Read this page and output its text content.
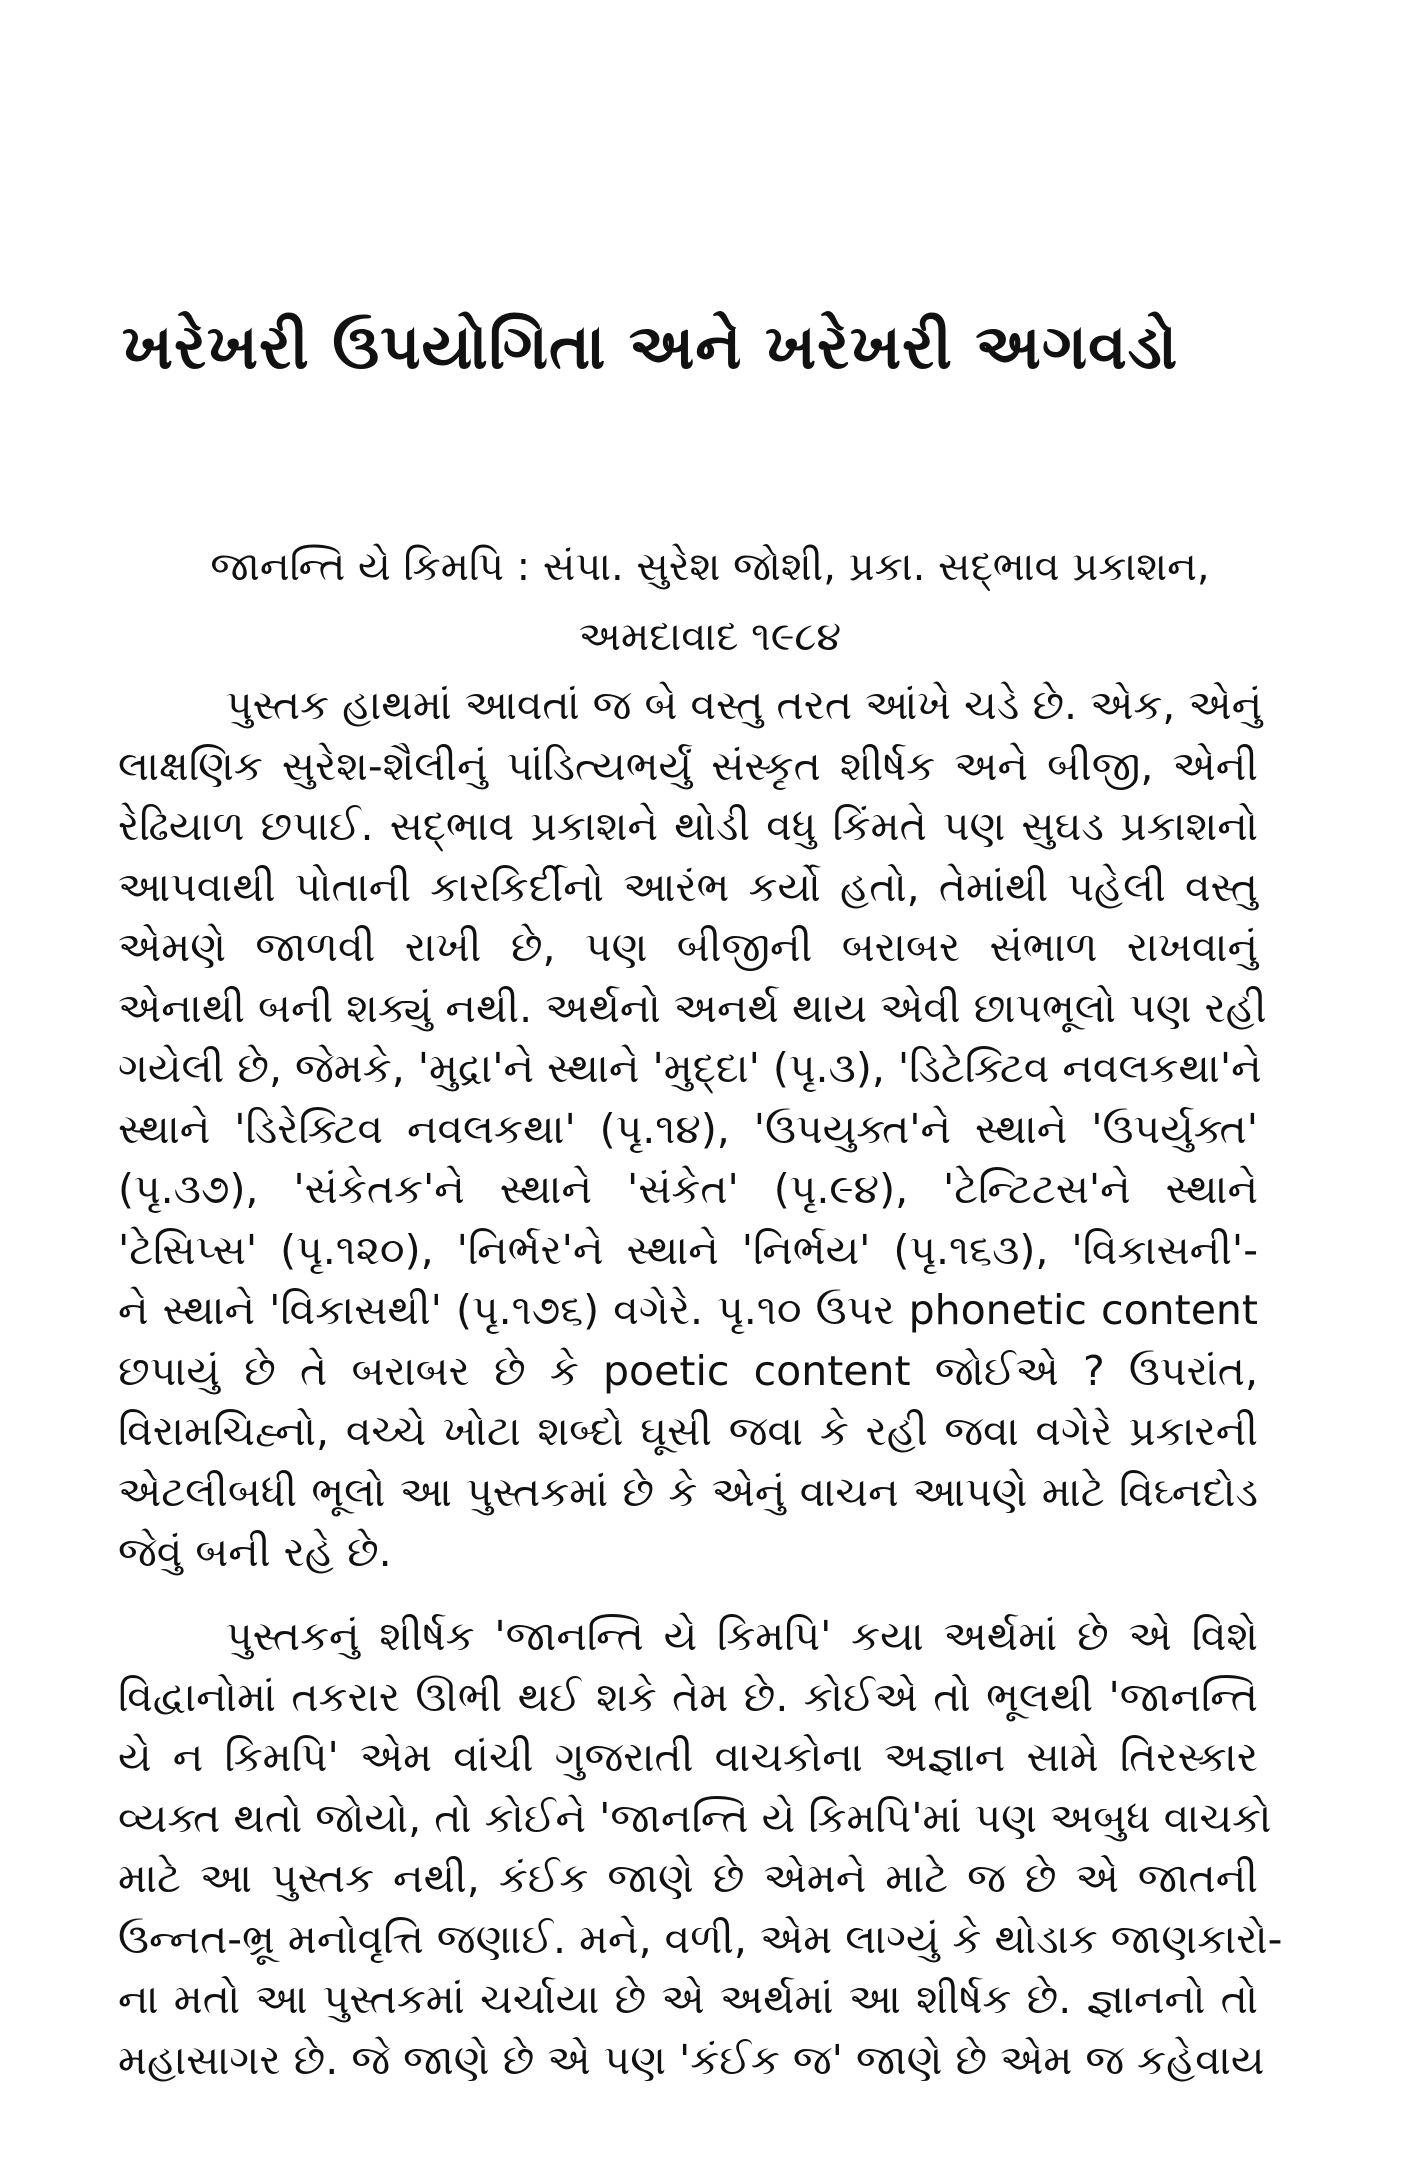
ખરેખરી ઉપયોગિતા અને ખરેખરી અગવડો
જાનન્તિ યે કિમપિ : સંપા. સુરેશ જોશી, પ્રકા. સદ્‌ભાવ પ્રકાશન,
અમદાવાદ ૧૯૮૪
પુસ્તક હાથમાં આવતાં જ બે વસ્તુ તરત આંખે ચડે છે. એક, એનું
લાક્ષણિક સુરેશ-શૈલીનું પાંડિત્યભર્યું સંસ્કૃત શીર્ષક અને બીજી, એની
રેઢિયાળ છપાઈ. સદ્‌ભાવ પ્રકાશને થોડી વધુ કિંમતે પણ સુઘડ પ્રકાશનો
આપવાથી પોતાની કારકિર્દીનો આરંભ કર્યો હતો, તેમાંથી પહેલી વસ્તુ
એમણે જાળવી રાખી છે, પણ બીજીની બરાબર સંભાળ રાખવાનું
એનાથી બની શક્યું નથી. અર્થનો અનર્થ થાય એવી છાપભૂલો પણ રહી
ગયેલી છે, જેમકે, 'મુદ્રા'ને સ્થાને 'મુદ્દા' (પૃ.૩), 'ડિટેક્ટિવ નવલકથા'ને
સ્થાને 'ડિરેક્ટિવ નવલકથા' (પૃ.૧૪), 'ઉપયુક્ત'ને સ્થાને 'ઉપર્યુક્ત'
(પૃ.૩૭), 'સંકેતક'ને સ્થાને 'સંકેત' (પૃ.૯૪), 'ટેન્ટિટસ'ને સ્થાને
'ટેસિપ્સ' (પૃ.૧૨૦), 'નિર્ભર'ને સ્થાને 'નિર્ભય' (પૃ.૧૬૩), 'વિકાસની'-
ને સ્થાને 'વિકાસથી' (પૃ.૧૭૬) વગેરે. પૃ.૧૦ ઉપર phonetic content
છપાયું છે તે બરાબર છે કે poetic content જોઈએ ? ઉપરાંત,
વિરામચિહ્નો, વચ્ચે ખોટા શબ્દો ઘૂસી જવા કે રહી જવા વગેરે પ્રકારની
એટલીબધી ભૂલો આ પુસ્તકમાં છે કે એનું વાચન આપણે માટે વિઘ્નદોડ
જેવું બની રહે છે.
પુસ્તકનું શીર્ષક 'જાનન્તિ યે કિમપિ' કયા અર્થમાં છે એ વિશે
વિદ્વાનોમાં તકરાર ઊભી થઈ શકે તેમ છે. કોઈએ તો ભૂલથી 'જાનન્તિ
યે ન કિમપિ' એમ વાંચી ગુજરાતી વાચકોના અજ્ઞાન સામે તિરસ્કાર
વ્યક્ત થતો જોયો, તો કોઈને 'જાનન્તિ યે કિમપિ'માં પણ અબુધ વાચકો
માટે આ પુસ્તક નથી, કંઈક જાણે છે એમને માટે જ છે એ જાતની
ઉન્નત-ભ્રૂ મનોવૃત્તિ જણાઈ. મને, વળી, એમ લાગ્યું કે થોડાક જાણકારો-
ના મતો આ પુસ્તકમાં ચર્ચાયા છે એ અર્થમાં આ શીર્ષક છે. જ્ઞાનનો તો
મહાસાગર છે. જે જાણે છે એ પણ 'કંઈક જ' જાણે છે એમ જ કહેવાય
